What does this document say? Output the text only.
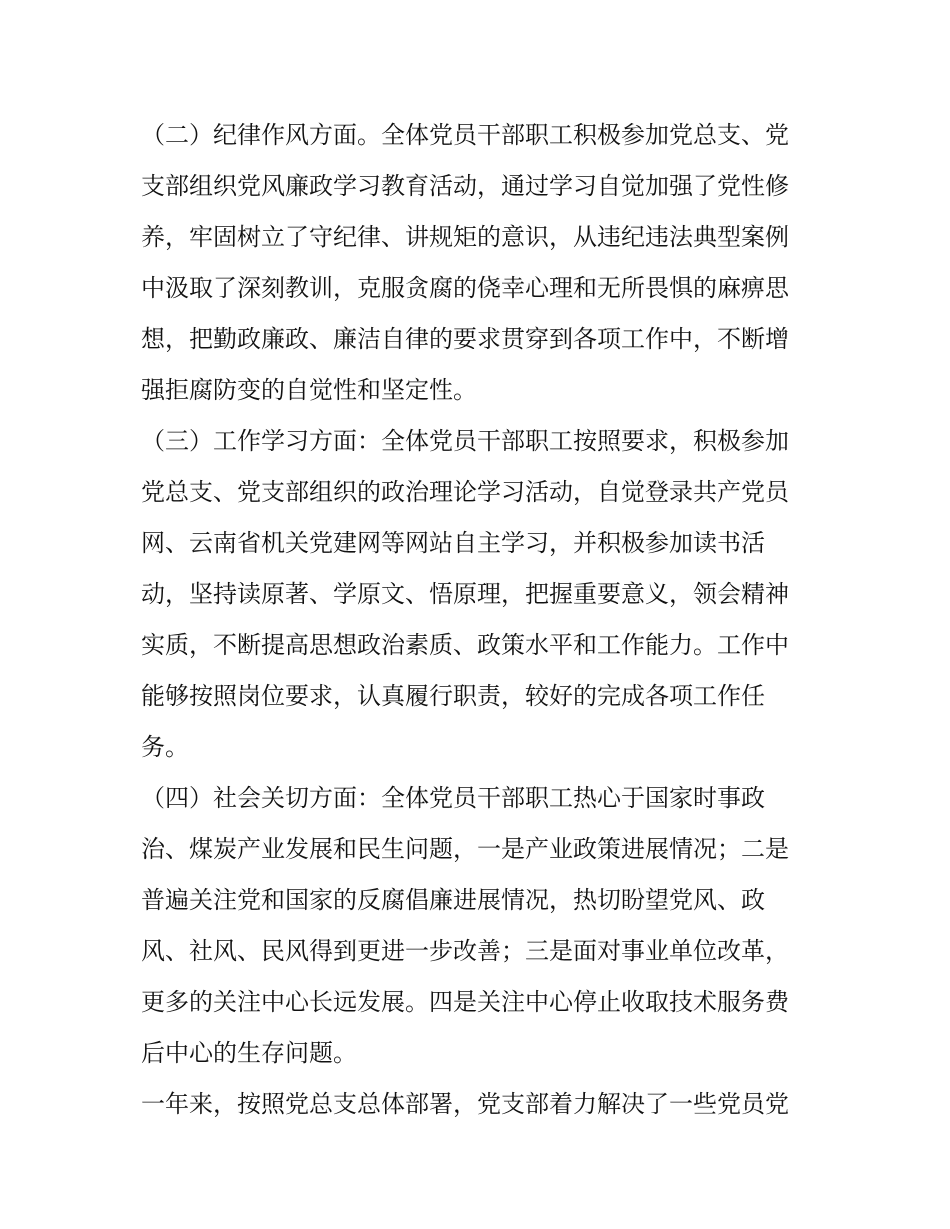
（二）纪律作风方面。全体党员干部职工积极参加党总支、党
支部组织党风廉政学习教育活动，通过学习自觉加强了党性修
养，牢固树立了守纪律、讲规矩的意识，从违纪违法典型案例
中汲取了深刻教训，克服贪腐的侥幸心理和无所畏惧的麻痹思
想，把勤政廉政、廉洁自律的要求贯穿到各项工作中，不断增
强拒腐防变的自觉性和坚定性。

（三）工作学习方面：全体党员干部职工按照要求，积极参加
党总支、党支部组织的政治理论学习活动，自觉登录共产党员
网、云南省机关党建网等网站自主学习，并积极参加读书活
动，坚持读原著、学原文、悟原理，把握重要意义，领会精神
实质，不断提高思想政治素质、政策水平和工作能力。工作中
能够按照岗位要求，认真履行职责，较好的完成各项工作任
务。

（四）社会关切方面：全体党员干部职工热心于国家时事政
治、煤炭产业发展和民生问题，一是产业政策进展情况；二是
普遍关注党和国家的反腐倡廉进展情况，热切盼望党风、政
风、社风、民风得到更进一步改善；三是面对事业单位改革，
更多的关注中心长远发展。四是关注中心停止收取技术服务费
后中心的生存问题。

一年来，按照党总支总体部署，党支部着力解决了一些党员党
